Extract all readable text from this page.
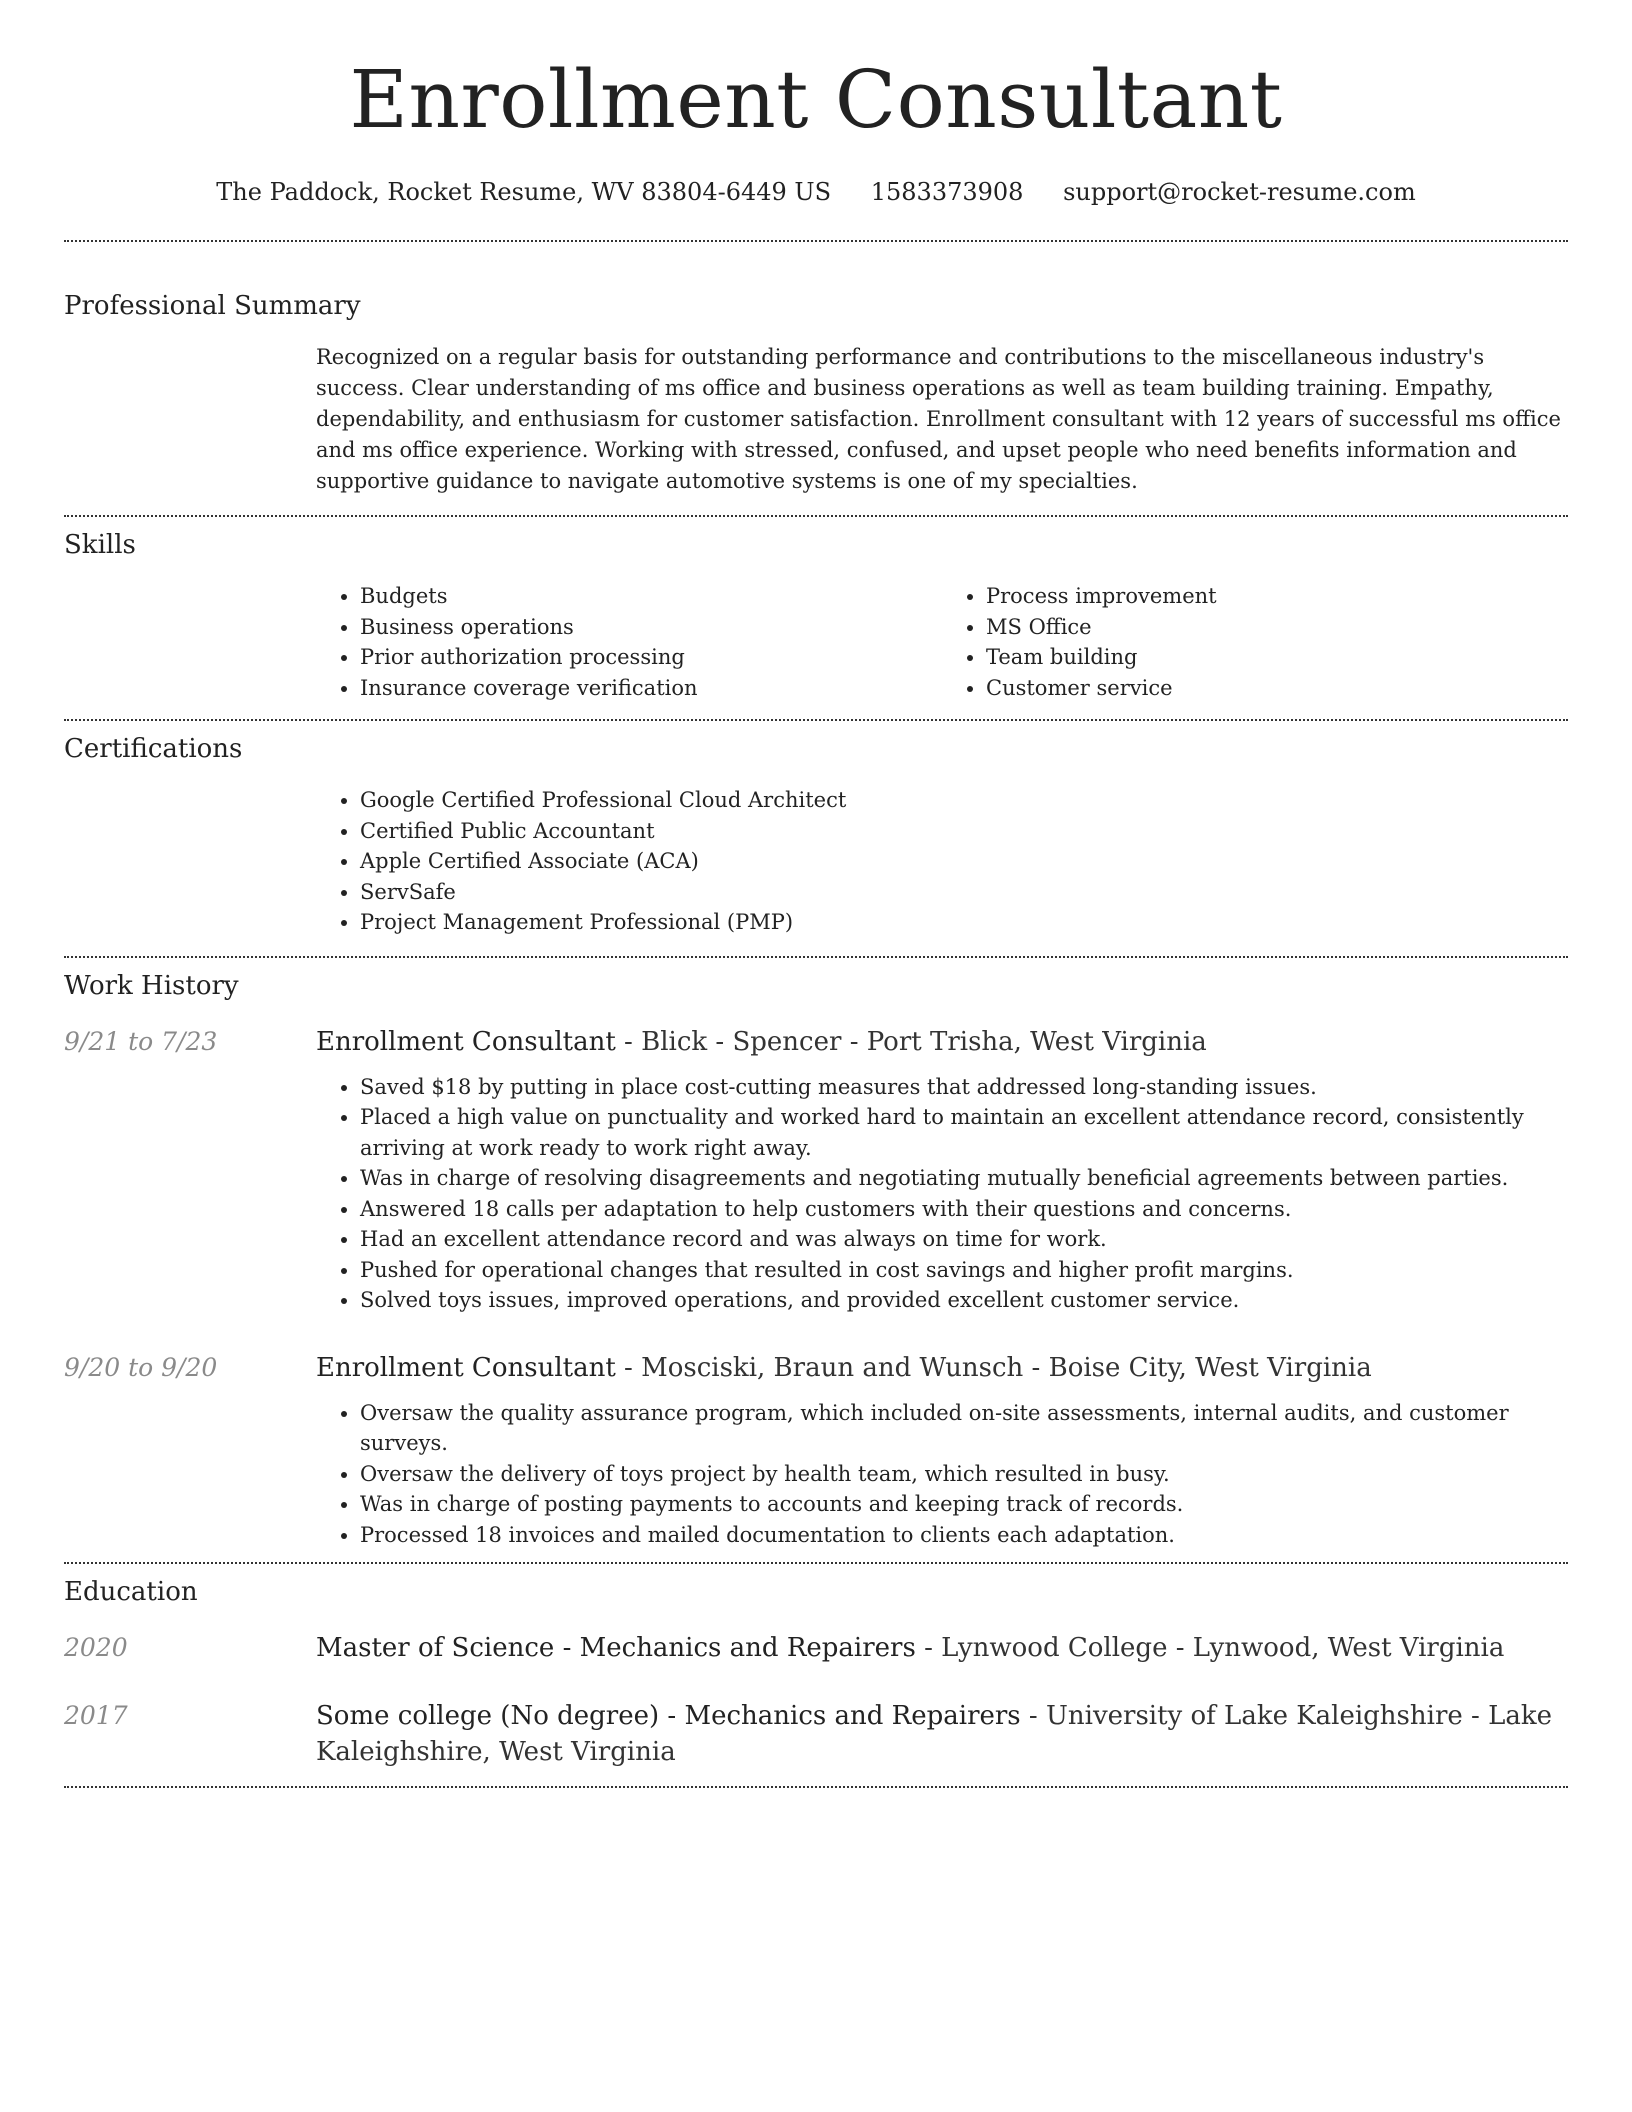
Enrollment Consultant
The Paddock, Rocket Resume, WV 83804-6449 US 1583373908 support@rocket-resume.com
Professional Summary

Recognized on a regular basis for outstanding performance and contributions to the miscellaneous industry's success. Clear understanding of ms office and business operations as well as team building training. Empathy, dependability, and enthusiasm for customer satisfaction. Enrollment consultant with 12 years of successful ms office and ms office experience. Working with stressed, confused, and upset people who need benefits information and supportive guidance to navigate automotive systems is one of my specialties.

Skills
• Budgets
• Business operations
• Prior authorization processing
• Insurance coverage verification
• Process improvement
• MS Office
• Team building
• Customer service
Certifications
• Google Certified Professional Cloud Architect
• Certified Public Accountant
• Apple Certified Associate (ACA)
• ServSafe
• Project Management Professional (PMP)
Work History
9/21 to 7/23	Enrollment Consultant - Blick - Spencer - Port Trisha, West Virginia
• Saved $18 by putting in place cost-cutting measures that addressed long-standing issues.
• Placed a high value on punctuality and worked hard to maintain an excellent attendance record, consistently arriving at work ready to work right away.
• Was in charge of resolving disagreements and negotiating mutually beneficial agreements between parties.
• Answered 18 calls per adaptation to help customers with their questions and concerns.
• Had an excellent attendance record and was always on time for work.
• Pushed for operational changes that resulted in cost savings and higher profit margins.
• Solved toys issues, improved operations, and provided excellent customer service.
9/20 to 9/20	Enrollment Consultant - Mosciski, Braun and Wunsch - Boise City, West Virginia
• Oversaw the quality assurance program, which included on-site assessments, internal audits, and customer surveys.
• Oversaw the delivery of toys project by health team, which resulted in busy.
• Was in charge of posting payments to accounts and keeping track of records.
• Processed 18 invoices and mailed documentation to clients each adaptation.
Education
2020	Master of Science - Mechanics and Repairers - Lynwood College - Lynwood, West Virginia
2017	Some college (No degree) - Mechanics and Repairers - University of Lake Kaleighshire - Lake Kaleighshire, West Virginia
